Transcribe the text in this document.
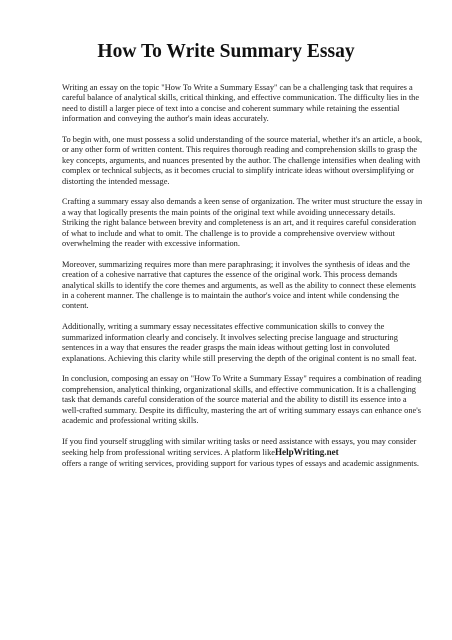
How To Write Summary Essay

Writing an essay on the topic "How To Write a Summary Essay" can be a challenging task that requires a careful balance of analytical skills, critical thinking, and effective communication. The difficulty lies in the need to distill a larger piece of text into a concise and coherent summary while retaining the essential information and conveying the author's main ideas accurately.

To begin with, one must possess a solid understanding of the source material, whether it's an article, a book, or any other form of written content. This requires thorough reading and comprehension skills to grasp the key concepts, arguments, and nuances presented by the author. The challenge intensifies when dealing with complex or technical subjects, as it becomes crucial to simplify intricate ideas without oversimplifying or distorting the intended message.

Crafting a summary essay also demands a keen sense of organization. The writer must structure the essay in a way that logically presents the main points of the original text while avoiding unnecessary details. Striking the right balance between brevity and completeness is an art, and it requires careful consideration of what to include and what to omit. The challenge is to provide a comprehensive overview without overwhelming the reader with excessive information.

Moreover, summarizing requires more than mere paraphrasing; it involves the synthesis of ideas and the creation of a cohesive narrative that captures the essence of the original work. This process demands analytical skills to identify the core themes and arguments, as well as the ability to connect these elements in a coherent manner. The challenge is to maintain the author's voice and intent while condensing the content.

Additionally, writing a summary essay necessitates effective communication skills to convey the summarized information clearly and concisely. It involves selecting precise language and structuring sentences in a way that ensures the reader grasps the main ideas without getting lost in convoluted explanations. Achieving this clarity while still preserving the depth of the original content is no small feat.

In conclusion, composing an essay on "How To Write a Summary Essay" requires a combination of reading comprehension, analytical thinking, organizational skills, and effective communication. It is a challenging task that demands careful consideration of the source material and the ability to distill its essence into a well-crafted summary. Despite its difficulty, mastering the art of writing summary essays can enhance one's academic and professional writing skills.

If you find yourself struggling with similar writing tasks or need assistance with essays, you may consider seeking help from professional writing services. A platform likeHelpWriting.net
offers a range of writing services, providing support for various types of essays and academic assignments.
